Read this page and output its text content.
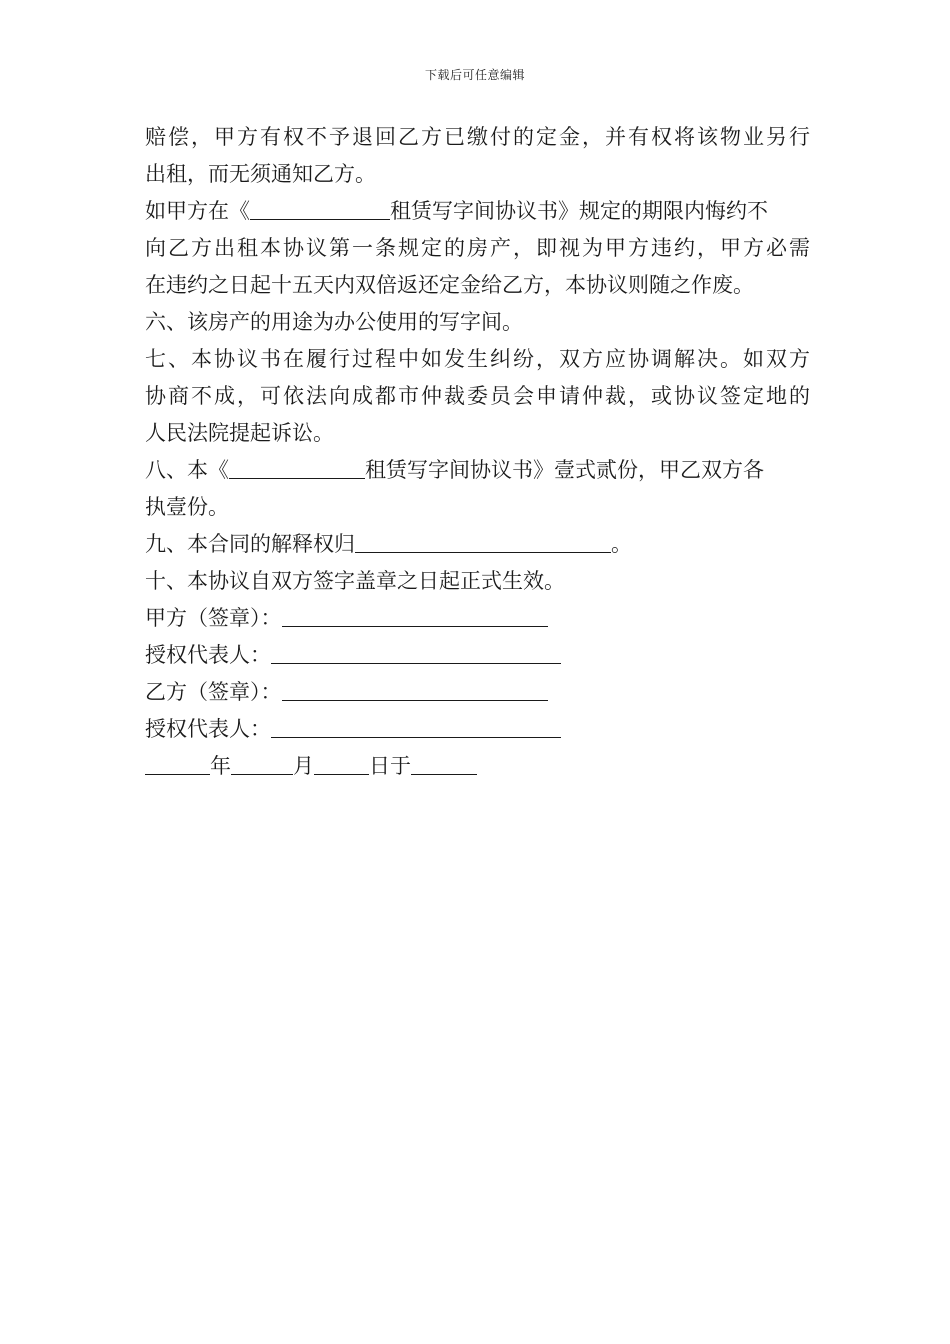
下载后可任意编辑
赔偿，甲方有权不予退回乙方已缴付的定金，并有权将该物业另行
出租，而无须通知乙方。
如甲方在《	租赁写字间协议书》规定的期限内悔约不
向乙方出租本协议第一条规定的房产，即视为甲方违约，甲方必需
在违约之日起十五天内双倍返还定金给乙方，本协议则随之作废。
六、该房产的用途为办公使用的写字间。
七、本协议书在履行过程中如发生纠纷，双方应协调解决。如双方
协商不成，可依法向成都市仲裁委员会申请仲裁，或协议签定地的
人民法院提起诉讼。
八、本《	租赁写字间协议书》壹式贰份，甲乙双方各
执壹份。
九、本合同的解释权归	。
十、本协议自双方签字盖章之日起正式生效。
甲方（签章）：
授权代表人：
乙方（签章）：
授权代表人：
年	月	日于
